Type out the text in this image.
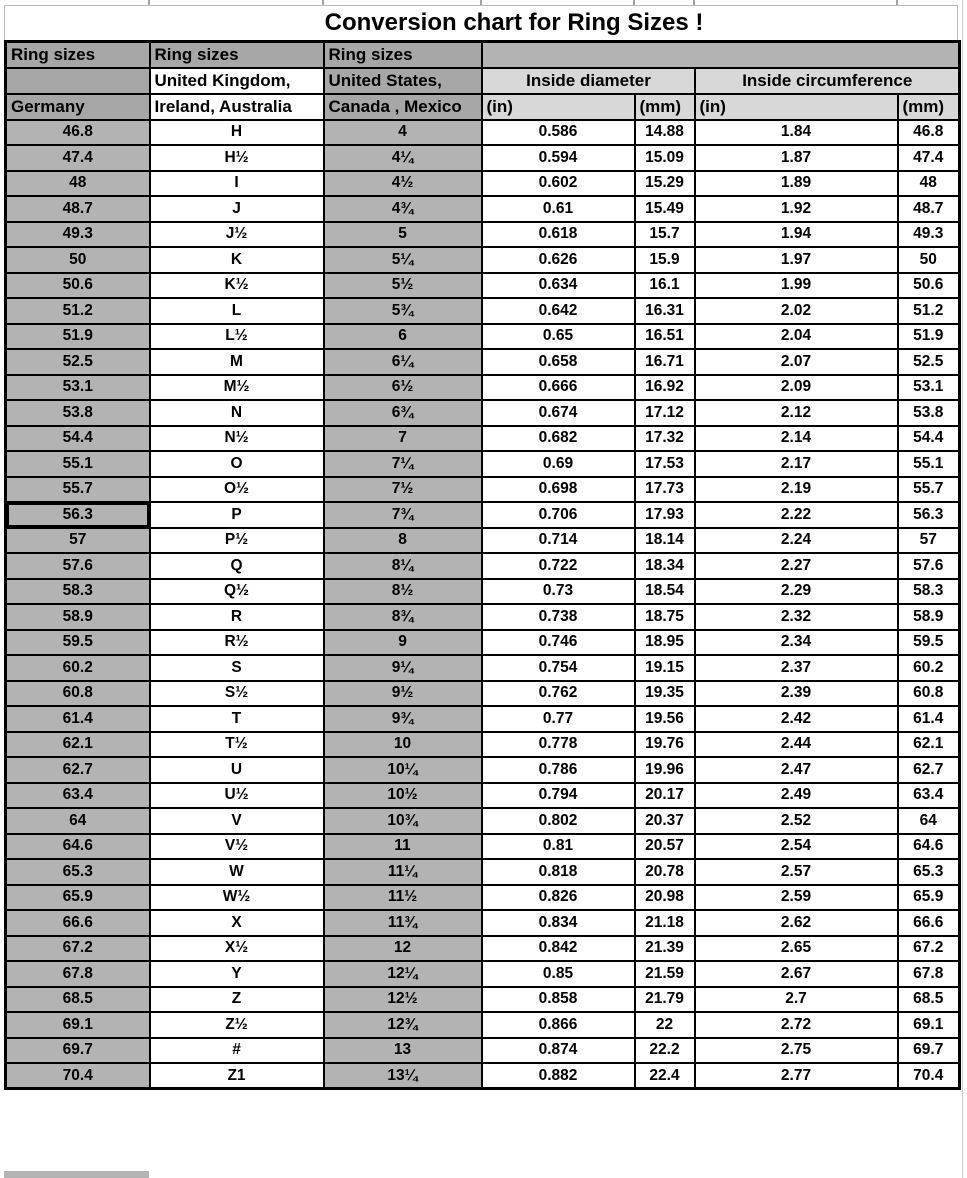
Conversion chart for Ring Sizes !
Ring sizes	Ring sizes	Ring sizes				
	United Kingdom,	United States,	Inside diameter		Inside circumference	
Germany	Ireland, Australia	Canada , Mexico	(in)	(mm)	(in)	(mm)
46.8	H	4	0.586	14.88	1.84	46.8
47.4	H½	4¼	0.594	15.09	1.87	47.4
48	I	4½	0.602	15.29	1.89	48
48.7	J	4¾	0.61	15.49	1.92	48.7
49.3	J½	5	0.618	15.7	1.94	49.3
50	K	5¼	0.626	15.9	1.97	50
50.6	K½	5½	0.634	16.1	1.99	50.6
51.2	L	5¾	0.642	16.31	2.02	51.2
51.9	L½	6	0.65	16.51	2.04	51.9
52.5	M	6¼	0.658	16.71	2.07	52.5
53.1	M½	6½	0.666	16.92	2.09	53.1
53.8	N	6¾	0.674	17.12	2.12	53.8
54.4	N½	7	0.682	17.32	2.14	54.4
55.1	O	7¼	0.69	17.53	2.17	55.1
55.7	O½	7½	0.698	17.73	2.19	55.7
56.3	P	7¾	0.706	17.93	2.22	56.3
57	P½	8	0.714	18.14	2.24	57
57.6	Q	8¼	0.722	18.34	2.27	57.6
58.3	Q½	8½	0.73	18.54	2.29	58.3
58.9	R	8¾	0.738	18.75	2.32	58.9
59.5	R½	9	0.746	18.95	2.34	59.5
60.2	S	9¼	0.754	19.15	2.37	60.2
60.8	S½	9½	0.762	19.35	2.39	60.8
61.4	T	9¾	0.77	19.56	2.42	61.4
62.1	T½	10	0.778	19.76	2.44	62.1
62.7	U	10¼	0.786	19.96	2.47	62.7
63.4	U½	10½	0.794	20.17	2.49	63.4
64	V	10¾	0.802	20.37	2.52	64
64.6	V½	11	0.81	20.57	2.54	64.6
65.3	W	11¼	0.818	20.78	2.57	65.3
65.9	W½	11½	0.826	20.98	2.59	65.9
66.6	X	11¾	0.834	21.18	2.62	66.6
67.2	X½	12	0.842	21.39	2.65	67.2
67.8	Y	12¼	0.85	21.59	2.67	67.8
68.5	Z	12½	0.858	21.79	2.7	68.5
69.1	Z½	12¾	0.866	22	2.72	69.1
69.7	#	13	0.874	22.2	2.75	69.7
70.4	Z1	13¼	0.882	22.4	2.77	70.4
